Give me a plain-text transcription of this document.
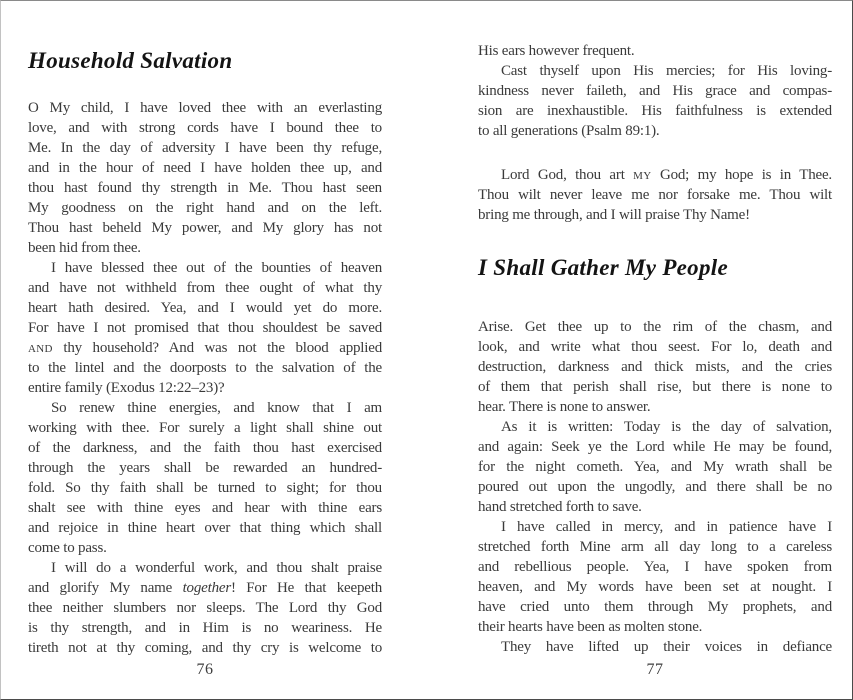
Household Salvation
O My child, I have loved thee with an everlasting
love, and with strong cords have I bound thee to
Me. In the day of adversity I have been thy refuge,
and in the hour of need I have holden thee up, and
thou hast found thy strength in Me. Thou hast seen
My goodness on the right hand and on the left.
Thou hast beheld My power, and My glory has not
been hid from thee.
I have blessed thee out of the bounties of heaven
and have not withheld from thee ought of what thy
heart hath desired. Yea, and I would yet do more.
For have I not promised that thou shouldest be saved
and thy household? And was not the blood applied
to the lintel and the doorposts to the salvation of the
entire family (Exodus 12:22–23)?
So renew thine energies, and know that I am
working with thee. For surely a light shall shine out
of the darkness, and the faith thou hast exercised
through the years shall be rewarded an hundred-
fold. So thy faith shall be turned to sight; for thou
shalt see with thine eyes and hear with thine ears
and rejoice in thine heart over that thing which shall
come to pass.
I will do a wonderful work, and thou shalt praise
and glorify My name together! For He that keepeth
thee neither slumbers nor sleeps. The Lord thy God
is thy strength, and in Him is no weariness. He
tireth not at thy coming, and thy cry is welcome to
His ears however frequent.
Cast thyself upon His mercies; for His loving-
kindness never faileth, and His grace and compas-
sion are inexhaustible. His faithfulness is extended
to all generations (Psalm 89:1).
Lord God, thou art my God; my hope is in Thee.
Thou wilt never leave me nor forsake me. Thou wilt
bring me through, and I will praise Thy Name!
I Shall Gather My People
Arise. Get thee up to the rim of the chasm, and
look, and write what thou seest. For lo, death and
destruction, darkness and thick mists, and the cries
of them that perish shall rise, but there is none to
hear. There is none to answer.
As it is written: Today is the day of salvation,
and again: Seek ye the Lord while He may be found,
for the night cometh. Yea, and My wrath shall be
poured out upon the ungodly, and there shall be no
hand stretched forth to save.
I have called in mercy, and in patience have I
stretched forth Mine arm all day long to a careless
and rebellious people. Yea, I have spoken from
heaven, and My words have been set at nought. I
have cried unto them through My prophets, and
their hearts have been as molten stone.
They have lifted up their voices in defiance
76	77
